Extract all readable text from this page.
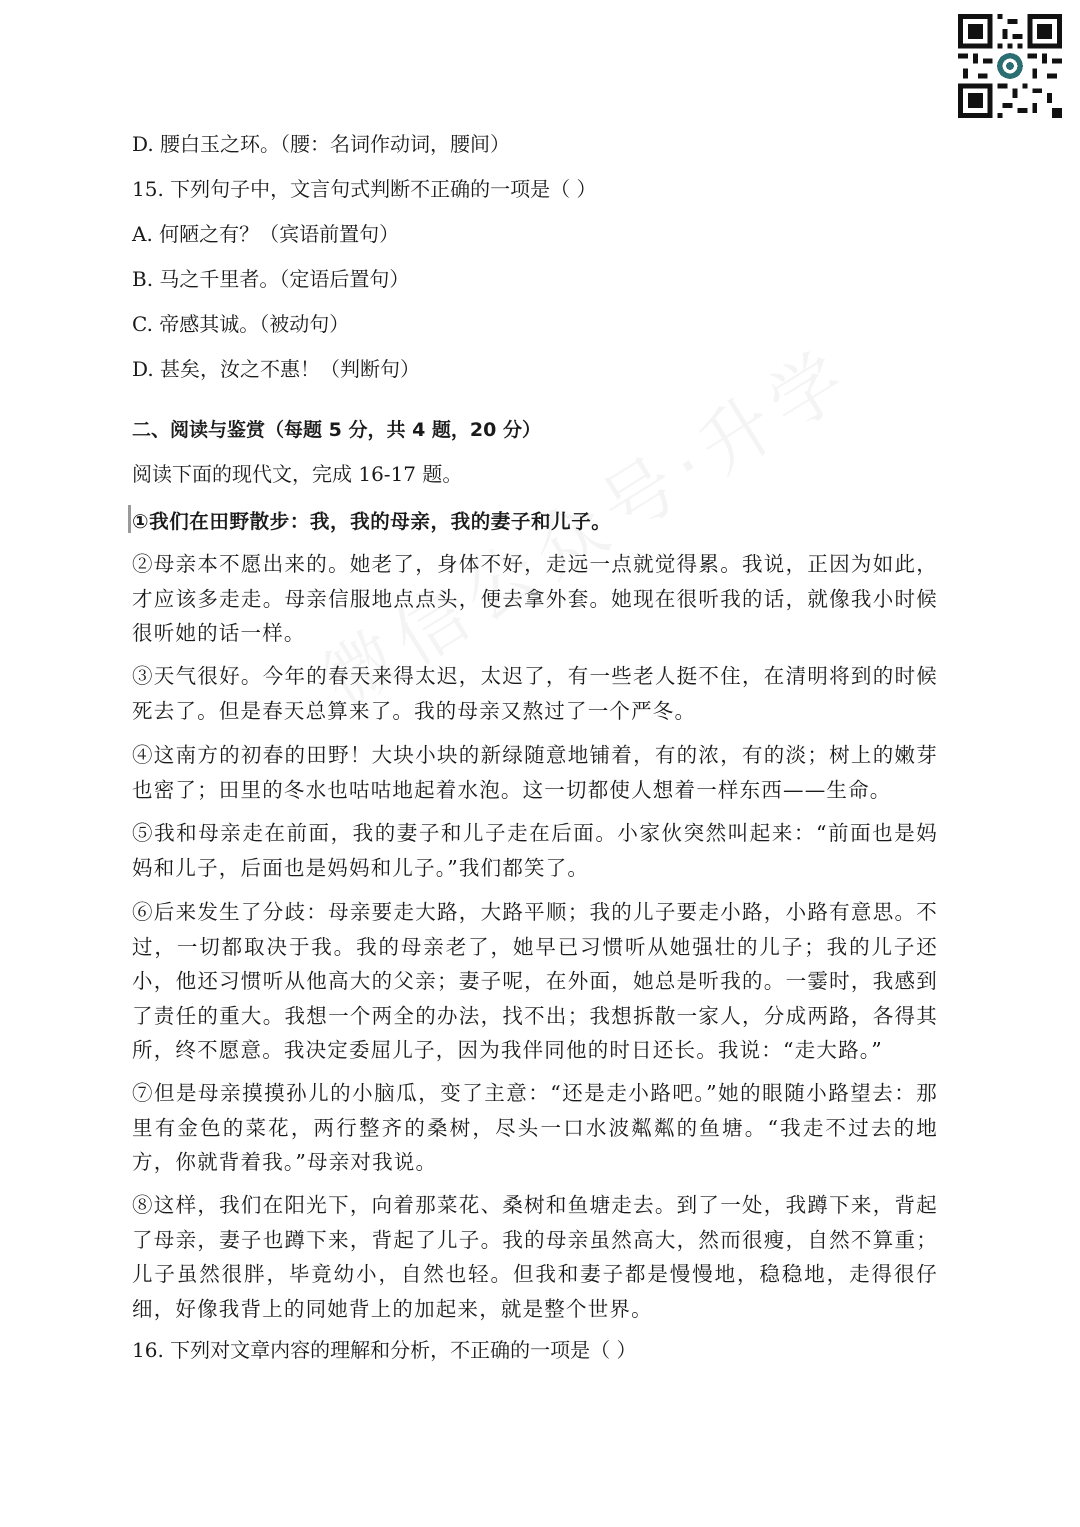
D. 腰白玉之环。（腰：名词作动词，腰间）
15. 下列句子中，文言句式判断不正确的一项是（ ）
A. 何陋之有？（宾语前置句）
B. 马之千里者。（定语后置句）
C. 帝感其诚。（被动句）
D. 甚矣，汝之不惠！（判断句）
二、阅读与鉴赏（每题 5 分，共 4 题，20 分）
阅读下面的现代文，完成 16-17 题。
①我们在田野散步：我，我的母亲，我的妻子和儿子。
②母亲本不愿出来的。她老了，身体不好，走远一点就觉得累。我说，正因为如此，才应该多走走。母亲信服地点点头，便去拿外套。她现在很听我的话，就像我小时候很听她的话一样。
③天气很好。今年的春天来得太迟，太迟了，有一些老人挺不住，在清明将到的时候死去了。但是春天总算来了。我的母亲又熬过了一个严冬。
④这南方的初春的田野！大块小块的新绿随意地铺着，有的浓，有的淡；树上的嫩芽也密了；田里的冬水也咕咕地起着水泡。这一切都使人想着一样东西——生命。
⑤我和母亲走在前面，我的妻子和儿子走在后面。小家伙突然叫起来：“前面也是妈妈和儿子，后面也是妈妈和儿子。”我们都笑了。
⑥后来发生了分歧：母亲要走大路，大路平顺；我的儿子要走小路，小路有意思。不过，一切都取决于我。我的母亲老了，她早已习惯听从她强壮的儿子；我的儿子还小，他还习惯听从他高大的父亲；妻子呢，在外面，她总是听我的。一霎时，我感到了责任的重大。我想一个两全的办法，找不出；我想拆散一家人，分成两路，各得其所，终不愿意。我决定委屈儿子，因为我伴同他的时日还长。我说：“走大路。”
⑦但是母亲摸摸孙儿的小脑瓜，变了主意：“还是走小路吧。”她的眼随小路望去：那里有金色的菜花，两行整齐的桑树，尽头一口水波粼粼的鱼塘。“我走不过去的地方，你就背着我。”母亲对我说。
⑧这样，我们在阳光下，向着那菜花、桑树和鱼塘走去。到了一处，我蹲下来，背起了母亲，妻子也蹲下来，背起了儿子。我的母亲虽然高大，然而很瘦，自然不算重；儿子虽然很胖，毕竟幼小，自然也轻。但我和妻子都是慢慢地，稳稳地，走得很仔细，好像我背上的同她背上的加起来，就是整个世界。
16. 下列对文章内容的理解和分析，不正确的一项是（ ）
